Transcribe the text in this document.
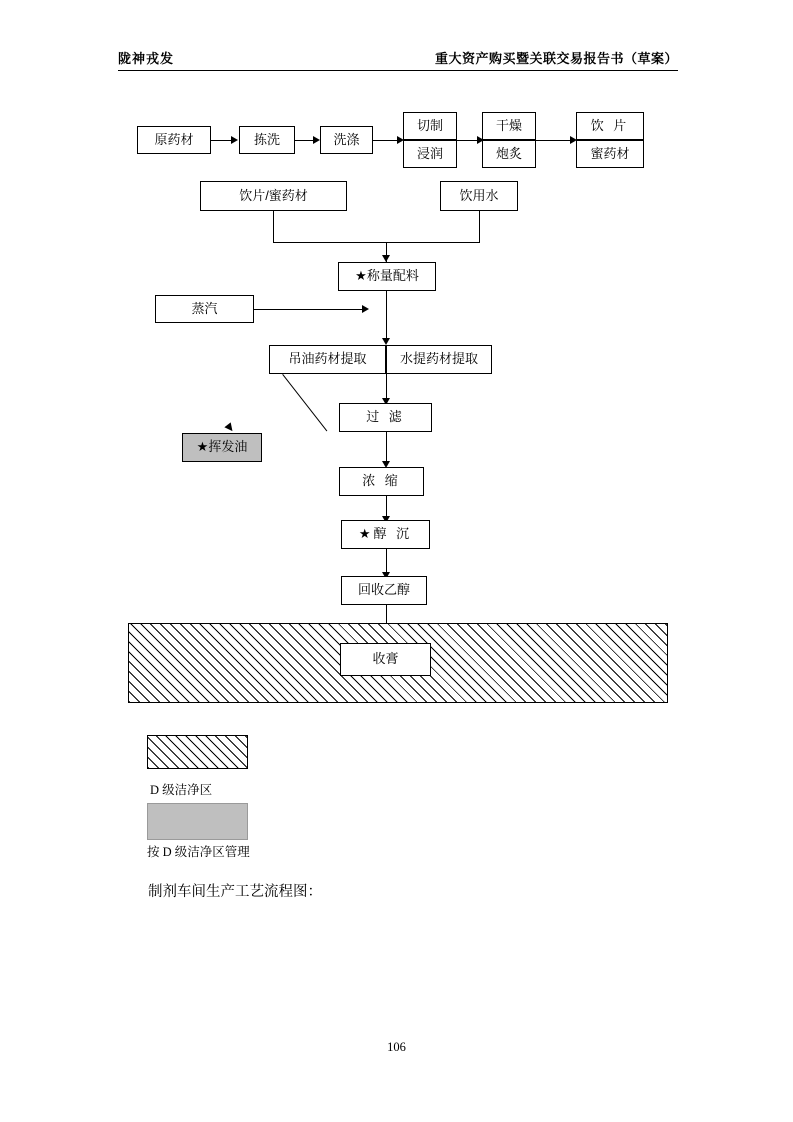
陇神戎发	重大资产购买暨关联交易报告书（草案）
原药材	拣洗	洗涤
切制
浸润
干燥
炮炙
饮 片
蜜药材
饮片/蜜药材	饮用水
★称量配料
蒸汽
吊油药材提取	水提药材提取
★挥发油
过 滤
浓 缩
★醇 沉
回收乙醇
收膏
D 级洁净区
按 D 级洁净区管理
制剂车间生产工艺流程图：
106
